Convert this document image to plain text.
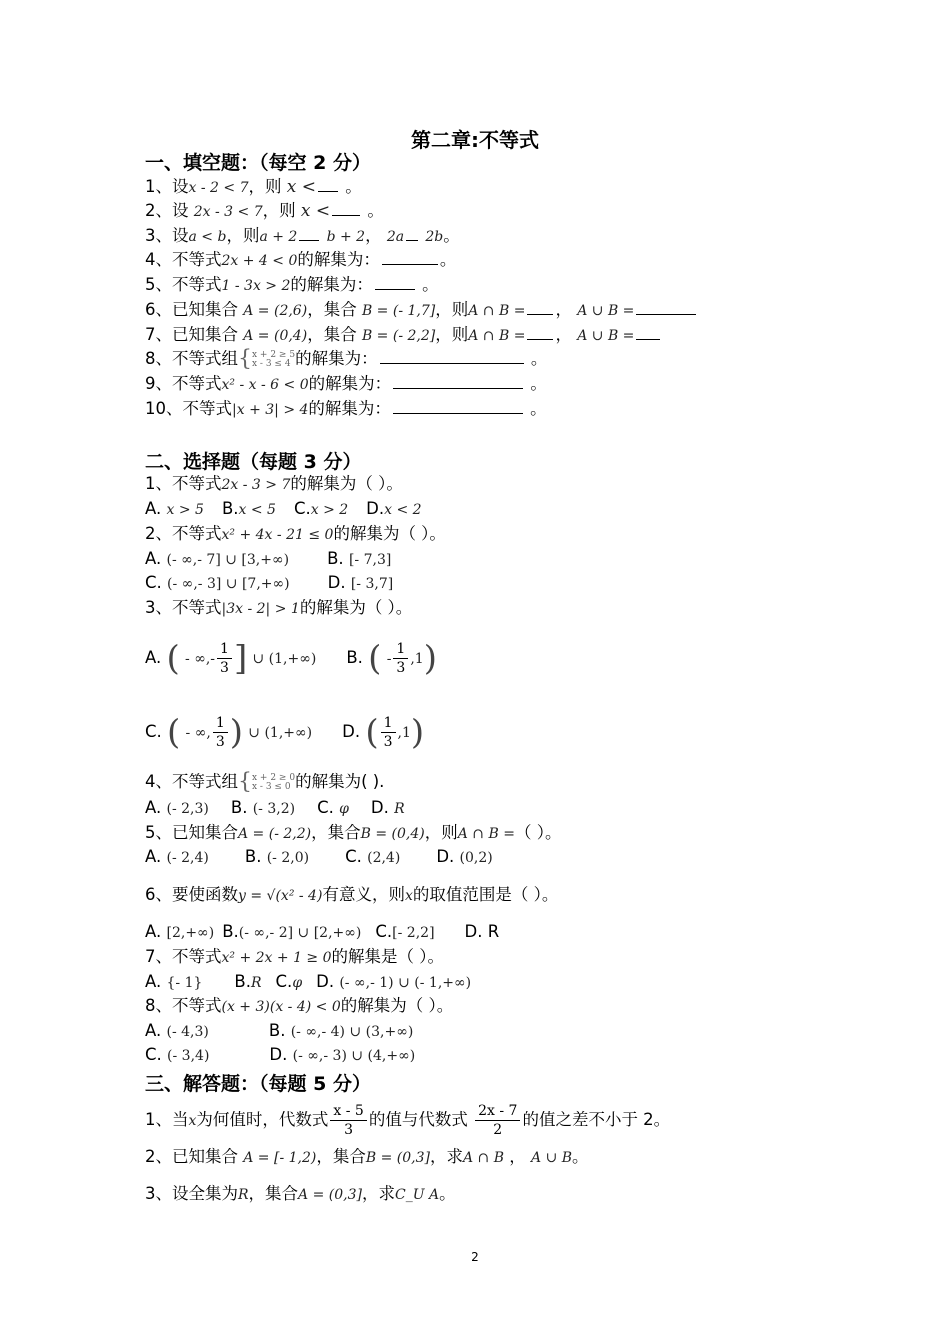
第二章:不等式
一、填空题：（每空 2 分）
1、设x - 2 < 7，则 x < 。
2、设 2x - 3 < 7，则 x < 。
3、设a < b，则a + 2 b + 2， 2a 2b。
4、不等式2x + 4 < 0的解集为：	。
5、不等式1 - 3x > 2的解集为：	。
6、已知集合 A = (2,6)，集合 B = (- 1,7]，则A ∩ B = ， A ∪ B =
7、已知集合 A = (0,4)，集合 B = (- 2,2]，则A ∩ B = ， A ∪ B =
8、不等式组{ x + 2 ≥ 5
x - 3 ≤ 4 的解集为：	。
9、不等式x² - x - 6 < 0的解集为：	。
10、不等式|x + 3| > 4的解集为：	。
二、选择题（每题 3 分）
1、不等式2x - 3 > 7的解集为（ ）。
A. x > 5 B.x < 5 C.x > 2 D.x < 2
2、不等式x² + 4x - 21 ≤ 0的解集为（ ）。
A. (- ∞,- 7] ∪ [3,+∞) B. [- 7,3]
C. (- ∞,- 3] ∪ [7,+∞) D. [- 3,7]
3、不等式|3x - 2| > 1的解集为（ ）。
A. ( - ∞,- $\frac{1}{3}$ ] ∪ (1,+∞) B. ( - $\frac{1}{3} ,1$)
C. ( - ∞, $\frac{1}{3}$ ) ∪ (1,+∞) D. ( $\frac{1}{3} ,1$)
4、不等式组{ x + 2 ≥ 0
x - 3 ≤ 0 的解集为( ).
A. (- 2,3) B. (- 3,2) C. φ D. R
5、已知集合A = (- 2,2)，集合B = (0,4)，则A ∩ B =（ ）。
A. (- 2,4) B. (- 2,0) C. (2,4) D. (0,2)
6、要使函数y = √(x² - 4)有意义，则x的取值范围是（ ）。
A. [2,+∞) B.(- ∞,- 2] ∪ [2,+∞) C.[- 2,2] D. R
7、不等式x² + 2x + 1 ≥ 0的解集是（ ）。
A. {- 1} B.R C.φ D. (- ∞,- 1) ∪ (- 1,+∞)
8、不等式(x + 3)(x - 4) < 0的解集为（ ）。
A. (- 4,3)	B. (- ∞,- 4) ∪ (3,+∞)
C. (- 3,4)	D. (- ∞,- 3) ∪ (4,+∞)
三、解答题：（每题 5 分）
1、当x为何值时，代数式 $\frac{x - 5}{3}$ 的值与代数式 $\frac{2x - 7}{2}$ 的值之差不小于 2。
2、已知集合 A = [- 1,2)，集合B = (0,3]，求A ∩ B ， A ∪ B。
3、设全集为R，集合A = (0,3]，求C_U A。
2
